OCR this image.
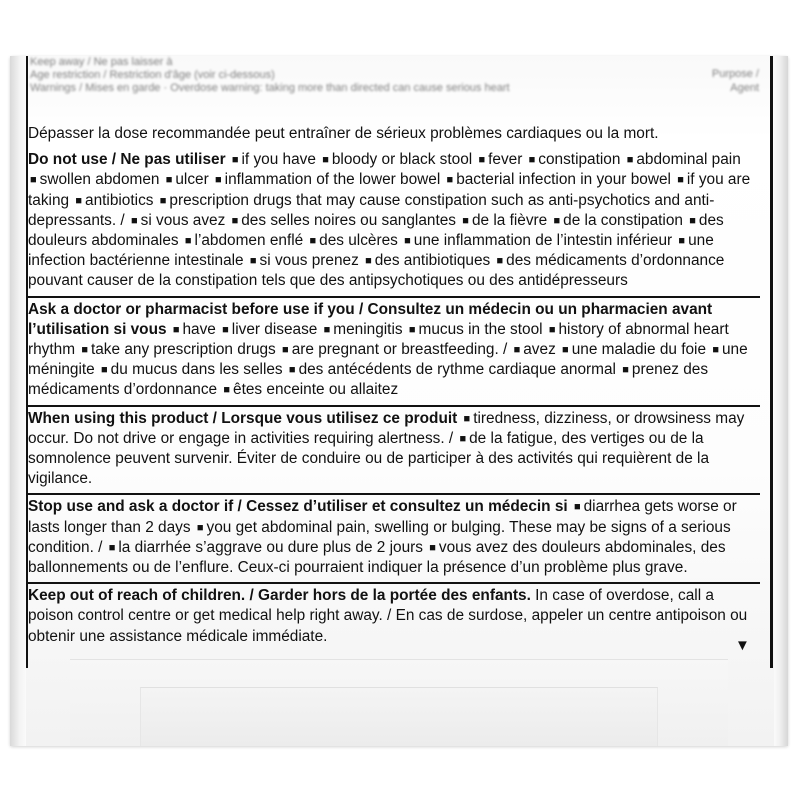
Keep away / Ne pas laisser à
Age restriction / Restriction d'âge (voir ci-dessous)
Warnings / Mises en garde · Overdose warning: taking more than directed can cause serious heart
Purpose /
Agent

Dépasser la dose recommandée peut entraîner de sérieux problèmes cardiaques ou la mort.

Do not use / Ne pas utiliser ■ if you have ■ bloody or black stool ■ fever ■ constipation ■ abdominal pain ■ swollen abdomen ■ ulcer ■ inflammation of the lower bowel ■ bacterial infection in your bowel ■ if you are taking ■ antibiotics ■ prescription drugs that may cause constipation such as anti-psychotics and anti-depressants. / ■ si vous avez ■ des selles noires ou sanglantes ■ de la fièvre ■ de la constipation ■ des douleurs abdominales ■ l’abdomen enflé ■ des ulcères ■ une inflammation de l’intestin inférieur ■ une infection bactérienne intestinale ■ si vous prenez ■ des antibiotiques ■ des médicaments d’ordonnance pouvant causer de la constipation tels que des antipsychotiques ou des antidépresseurs

Ask a doctor or pharmacist before use if you / Consultez un médecin ou un pharmacien avant l’utilisation si vous ■ have ■ liver disease ■ meningitis ■ mucus in the stool ■ history of abnormal heart rhythm ■ take any prescription drugs ■ are pregnant or breastfeeding. / ■ avez ■ une maladie du foie ■ une méningite ■ du mucus dans les selles ■ des antécédents de rythme cardiaque anormal ■ prenez des médicaments d’ordonnance ■ êtes enceinte ou allaitez

When using this product / Lorsque vous utilisez ce produit ■ tiredness, dizziness, or drowsiness may occur. Do not drive or engage in activities requiring alertness. / ■ de la fatigue, des vertiges ou de la somnolence peuvent survenir. Éviter de conduire ou de participer à des activités qui requièrent de la vigilance.

Stop use and ask a doctor if / Cessez d’utiliser et consultez un médecin si ■ diarrhea gets worse or lasts longer than 2 days ■ you get abdominal pain, swelling or bulging. These may be signs of a serious condition. / ■ la diarrhée s’aggrave ou dure plus de 2 jours ■ vous avez des douleurs abdominales, des ballonnements ou de l’enflure. Ceux-ci pourraient indiquer la présence d’un problème plus grave.

Keep out of reach of children. / Garder hors de la portée des enfants. In case of overdose, call a poison control centre or get medical help right away. / En cas de surdose, appeler un centre antipoison ou obtenir une assistance médicale immédiate.

▼
